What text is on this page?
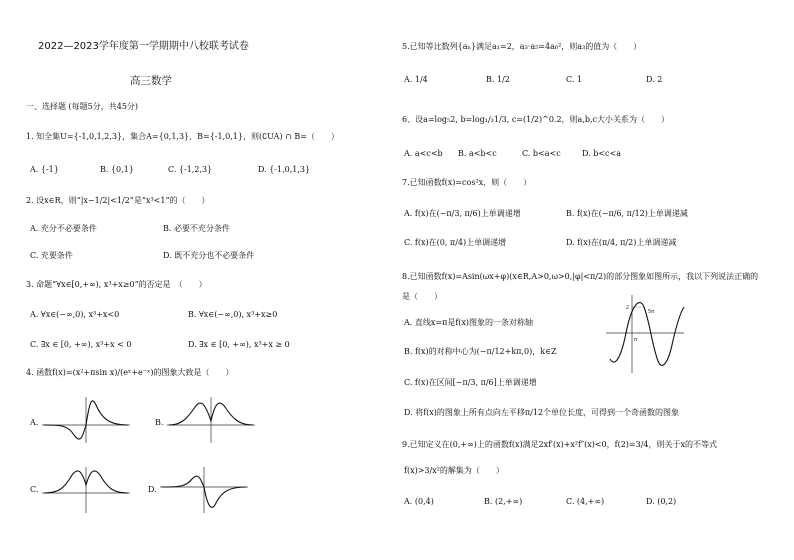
2022—2023学年度第一学期期中八校联考试卷
高三数学
一、选择题 (每题5分，共45分)
1. 知全集U={-1,0,1,2,3}，集合A={0,1,3}，B={-1,0,1}，则(∁UA) ∩ B=（　　）
A. {-1}	B. {0,1}	C. {-1,2,3}	D. {-1,0,1,3}
2. 设x∈R，则“|x−1/2|<1/2”是“x³<1”的（　　）
A. 充分不必要条件	B. 必要不充分条件
C. 充要条件	D. 既不充分也不必要条件
3. 命题“∀x∈[0,+∞), x³+x≥0”的否定是　（　　）
A. ∀x∈(−∞,0), x³+x<0	B. ∀x∈(−∞,0), x³+x≥0
C. ∃x ∈ [0, +∞), x³+x < 0	D. ∃x ∈ [0, +∞), x³+x ≥ 0
4. 函数f(x)=(x²+πsin x)/(eˣ+e⁻ˣ)的图象大致是（　　）
A.	B.
C.	D.
5.已知等比数列{aₙ}满足a₁=2，a₃·a₅=4a₆²，则a₃的值为（　　）
A. 1/4	B. 1/2	C. 1	D. 2
6、设a=log₅2, b=log₁/₃1/3, c=(1/2)^0.2，则a,b,c大小关系为（　　）
A. a<c<b B. a<b<c	C. b<a<c	D. b<c<a
7.已知函数f(x)=cos²x，则（　　）
A. f(x)在(−π/3, π/6)上单调递增	B. f(x)在(−π/6, π/12)上单调递减
C. f(x)在(0, π/4)上单调递增	D. f(x)在(π/4, π/2)上单调递减
8.已知函数f(x)=Asin(ωx+φ)(x∈R,A>0,ω>0,|φ|<π/2)的部分图象如图所示，我以下列说法正确的
是（　　）
A. 直线x=π是f(x)图象的一条对称轴
B. f(x)的对称中心为(−π/12+kπ,0)，k∈Z
C. f(x)在区间[−π/3, π/6]上单调递增
D. 将f(x)的图象上所有点向左平移π/12个单位长度，可得到一个奇函数的图象
2
5π
π
9.已知定义在(0,+∞)上的函数f(x)满足2xf′(x)+x²f″(x)<0，f(2)=3/4，则关于x的不等式
f(x)>3/x²的解集为（　　）
A. (0,4)	B. (2,+∞)	C. (4,+∞)	D. (0,2)
